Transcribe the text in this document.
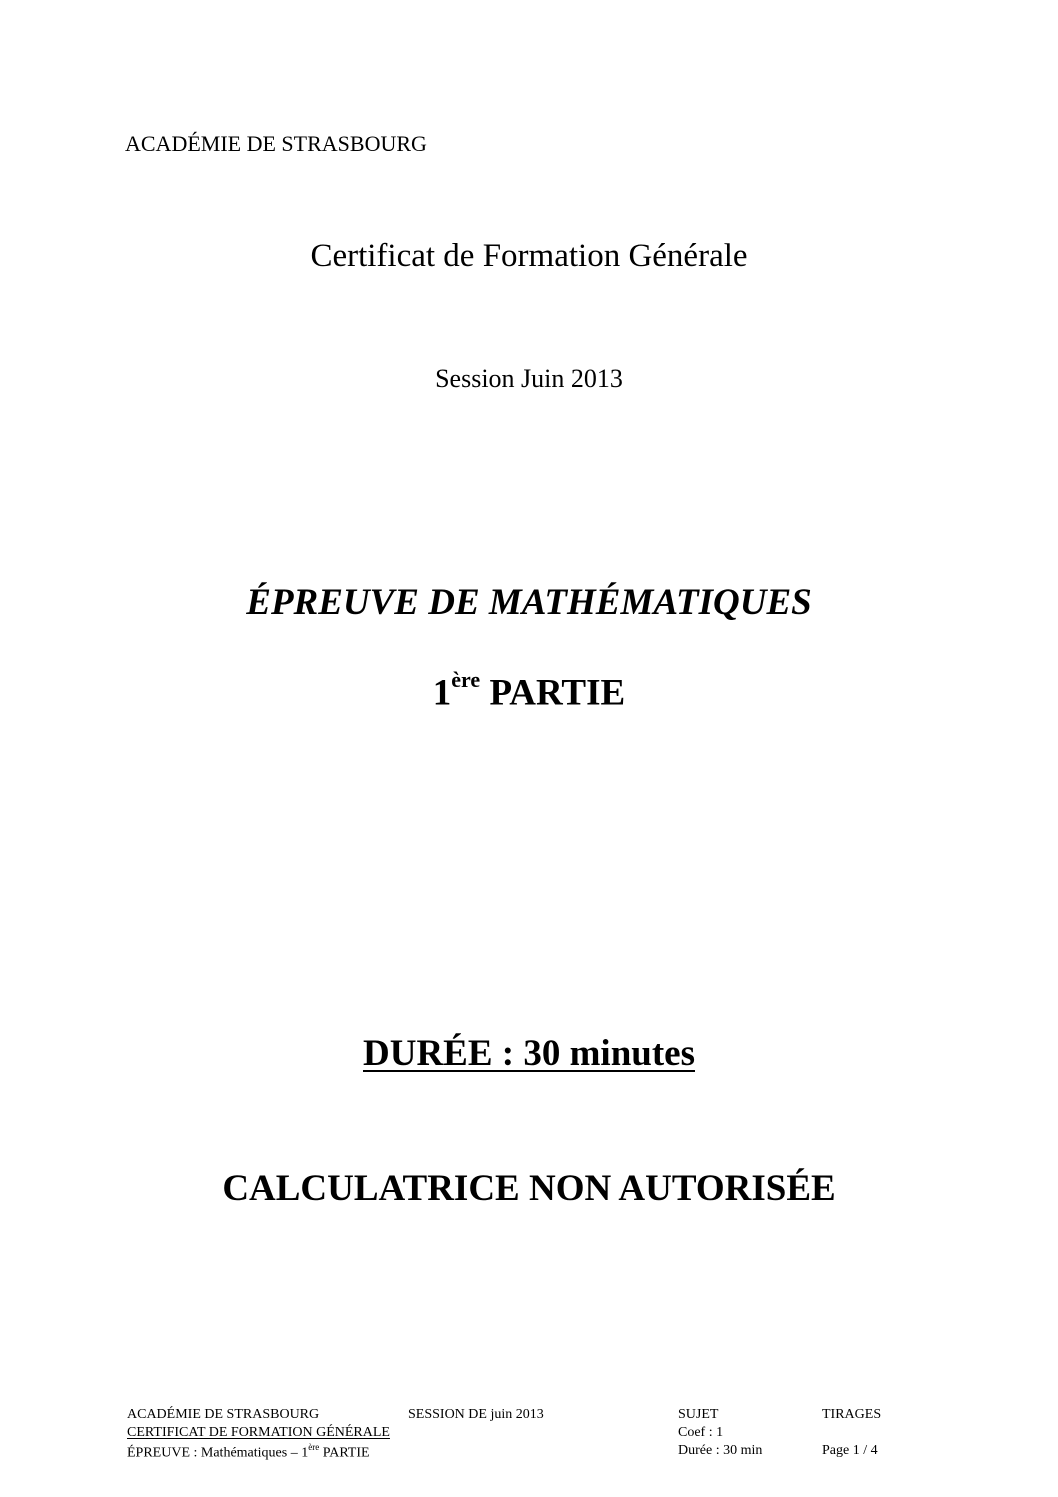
ACADÉMIE DE STRASBOURG
Certificat de Formation Générale
Session Juin 2013
ÉPREUVE DE MATHÉMATIQUES
1ère PARTIE
DURÉE : 30 minutes
CALCULATRICE NON AUTORISÉE
ACADÉMIE DE STRASBOURG	SESSION DE juin 2013	SUJET	TIRAGES
CERTIFICAT DE FORMATION GÉNÉRALE	Coef : 1
ÉPREUVE : Mathématiques – 1ère PARTIE	Durée : 30 min	Page 1 / 4
